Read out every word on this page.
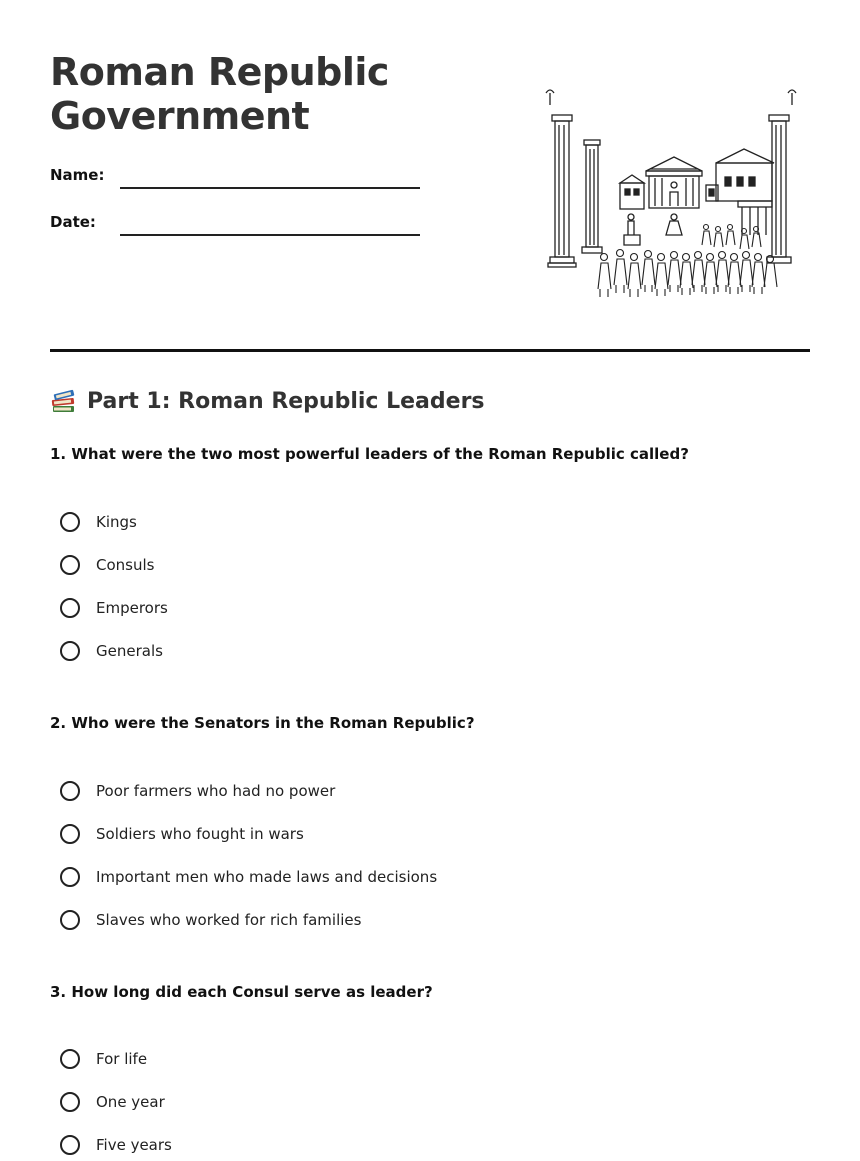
Roman Republic
Government
Name:
Date:
Part 1: Roman Republic Leaders

1. What were the two most powerful leaders of the Roman Republic called?

Kings
Consuls
Emperors
Generals

2. Who were the Senators in the Roman Republic?

Poor farmers who had no power
Soldiers who fought in wars
Important men who made laws and decisions
Slaves who worked for rich families

3. How long did each Consul serve as leader?

For life
One year
Five years
